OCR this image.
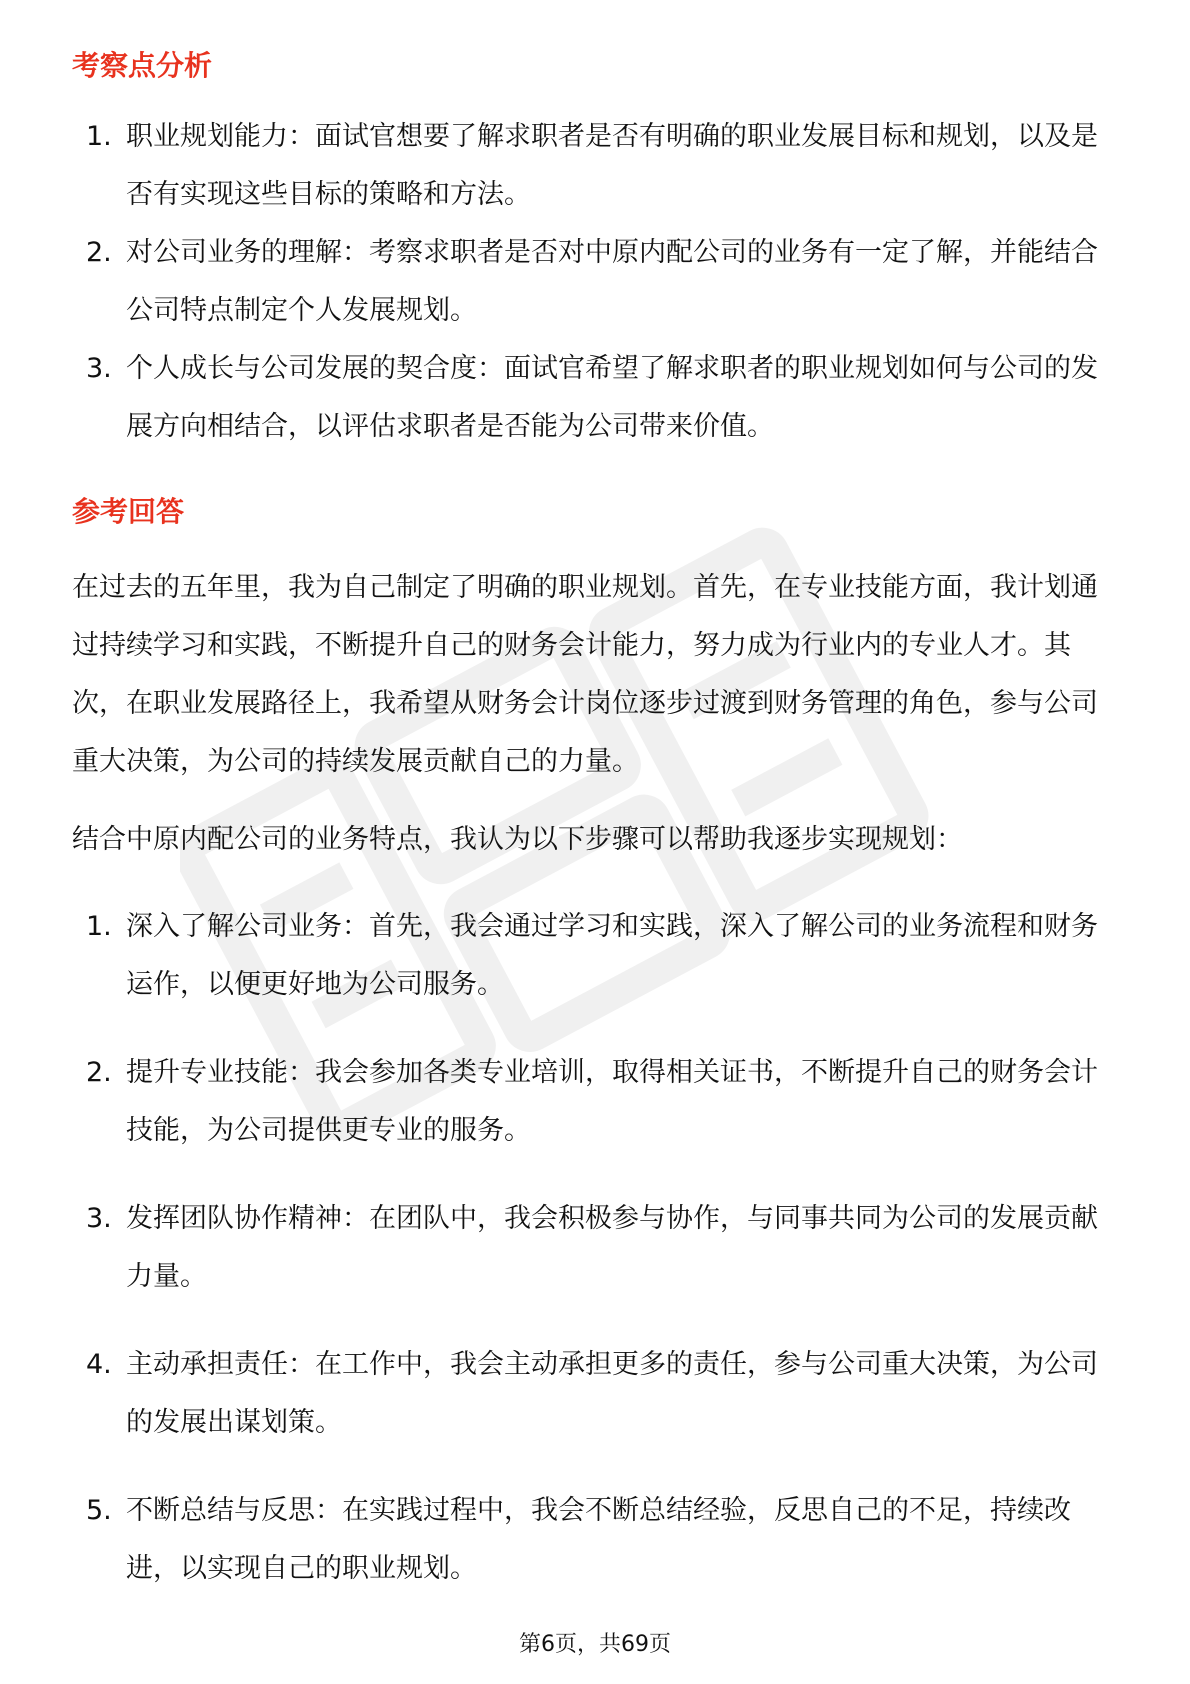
考察点分析
1. 职业规划能力：面试官想要了解求职者是否有明确的职业发展目标和规划，以及是否有实现这些目标的策略和方法。
2. 对公司业务的理解：考察求职者是否对中原内配公司的业务有一定了解，并能结合公司特点制定个人发展规划。
3. 个人成长与公司发展的契合度：面试官希望了解求职者的职业规划如何与公司的发展方向相结合，以评估求职者是否能为公司带来价值。
参考回答

在过去的五年里，我为自己制定了明确的职业规划。首先，在专业技能方面，我计划通过持续学习和实践，不断提升自己的财务会计能力，努力成为行业内的专业人才。其次，在职业发展路径上，我希望从财务会计岗位逐步过渡到财务管理的角色，参与公司重大决策，为公司的持续发展贡献自己的力量。

结合中原内配公司的业务特点，我认为以下步骤可以帮助我逐步实现规划：

1. 深入了解公司业务：首先，我会通过学习和实践，深入了解公司的业务流程和财务运作，以便更好地为公司服务。
2. 提升专业技能：我会参加各类专业培训，取得相关证书，不断提升自己的财务会计技能，为公司提供更专业的服务。
3. 发挥团队协作精神：在团队中，我会积极参与协作，与同事共同为公司的发展贡献力量。
4. 主动承担责任：在工作中，我会主动承担更多的责任，参与公司重大决策，为公司的发展出谋划策。
5. 不断总结与反思：在实践过程中，我会不断总结经验，反思自己的不足，持续改进，以实现自己的职业规划。
第6页，共69页
